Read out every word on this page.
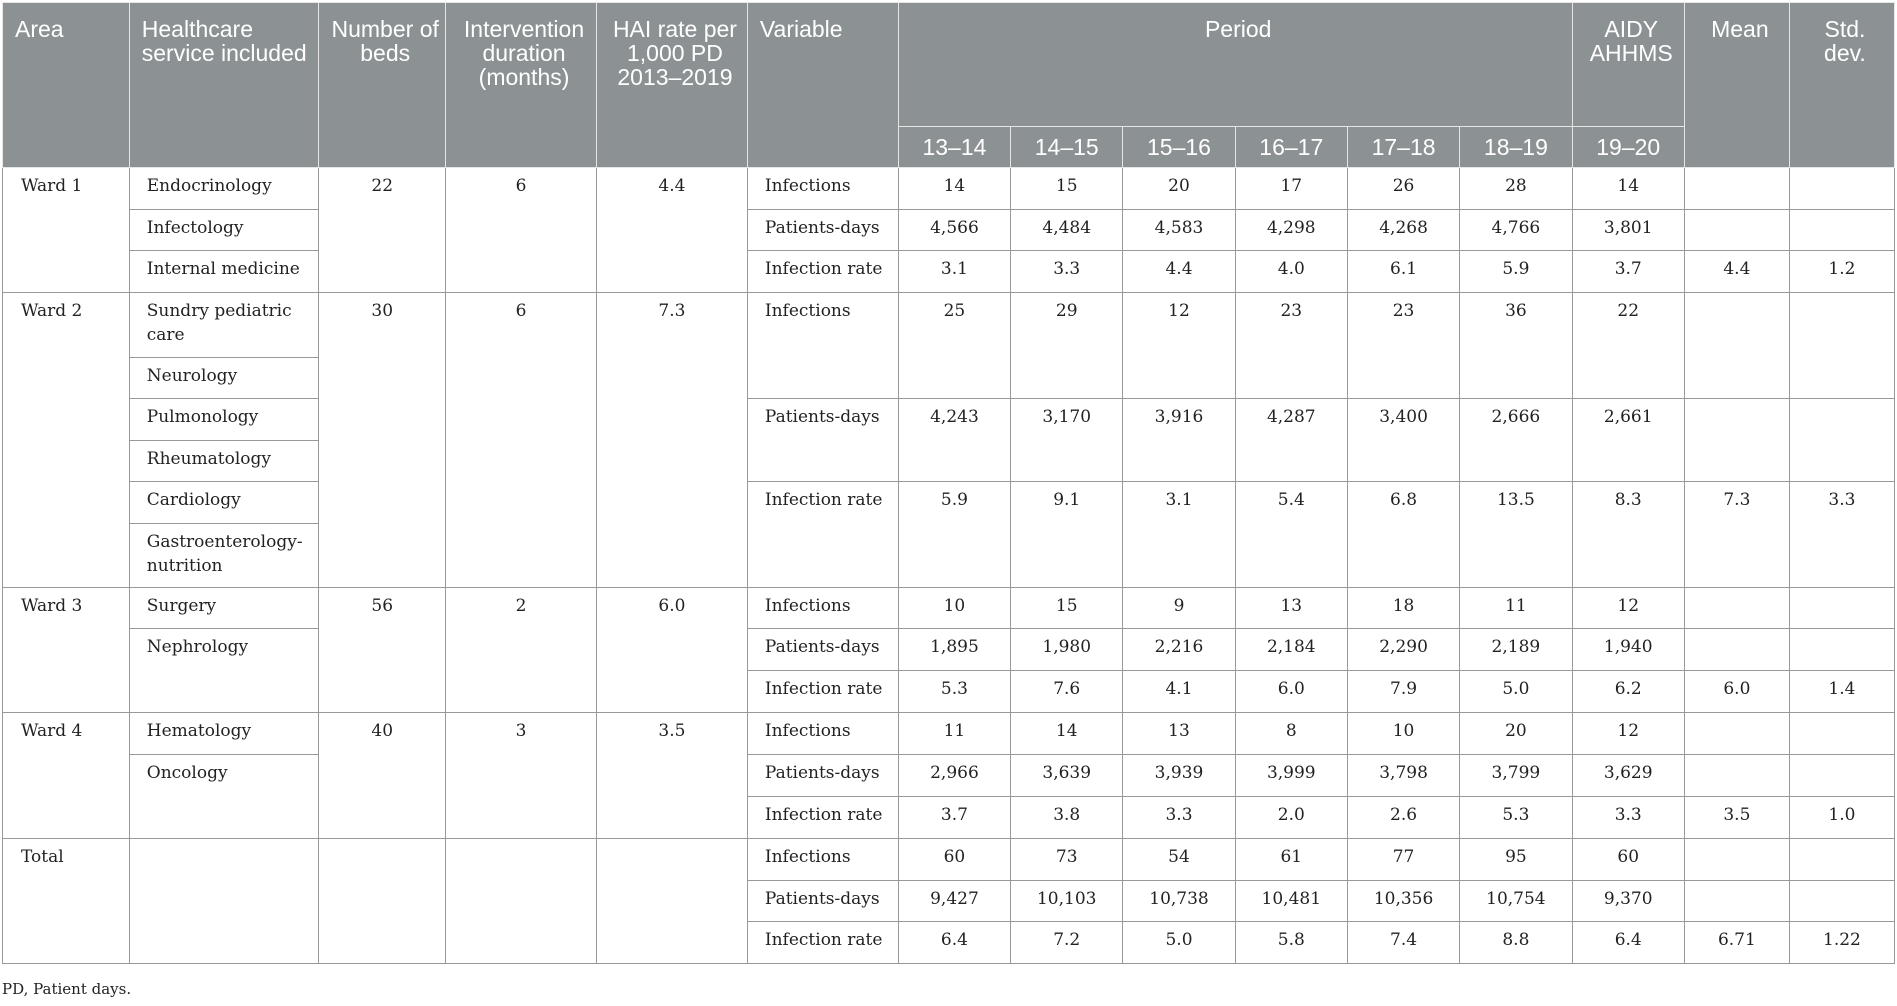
Area	Healthcare service included	Number of beds	Intervention duration (months)	HAI rate per 1,000 PD 2013–2019	Variable	Period						AIDY AHHMS	Mean	Std. dev.
						13–14	14–15	15–16	16–17	17–18	18–19	19–20		
Ward 1	Endocrinology	22	6	4.4	Infections	14	15	20	17	26	28	14		
	Infectology				Patients-days	4,566	4,484	4,583	4,298	4,268	4,766	3,801		
	Internal medicine				Infection rate	3.1	3.3	4.4	4.0	6.1	5.9	3.7	4.4	1.2
Ward 2	Sundry pediatric care	30	6	7.3	Infections	25	29	12	23	23	36	22		
	Neurology													
	Pulmonology				Patients-days	4,243	3,170	3,916	4,287	3,400	2,666	2,661		
	Rheumatology													
	Cardiology				Infection rate	5.9	9.1	3.1	5.4	6.8	13.5	8.3	7.3	3.3
	Gastroenterology-nutrition													
Ward 3	Surgery	56	2	6.0	Infections	10	15	9	13	18	11	12		
	Nephrology				Patients-days	1,895	1,980	2,216	2,184	2,290	2,189	1,940		
					Infection rate	5.3	7.6	4.1	6.0	7.9	5.0	6.2	6.0	1.4
Ward 4	Hematology	40	3	3.5	Infections	11	14	13	8	10	20	12		
	Oncology				Patients-days	2,966	3,639	3,939	3,999	3,798	3,799	3,629		
					Infection rate	3.7	3.8	3.3	2.0	2.6	5.3	3.3	3.5	1.0
Total					Infections	60	73	54	61	77	95	60		
					Patients-days	9,427	10,103	10,738	10,481	10,356	10,754	9,370		
					Infection rate	6.4	7.2	5.0	5.8	7.4	8.8	6.4	6.71	1.22
PD, Patient days.
